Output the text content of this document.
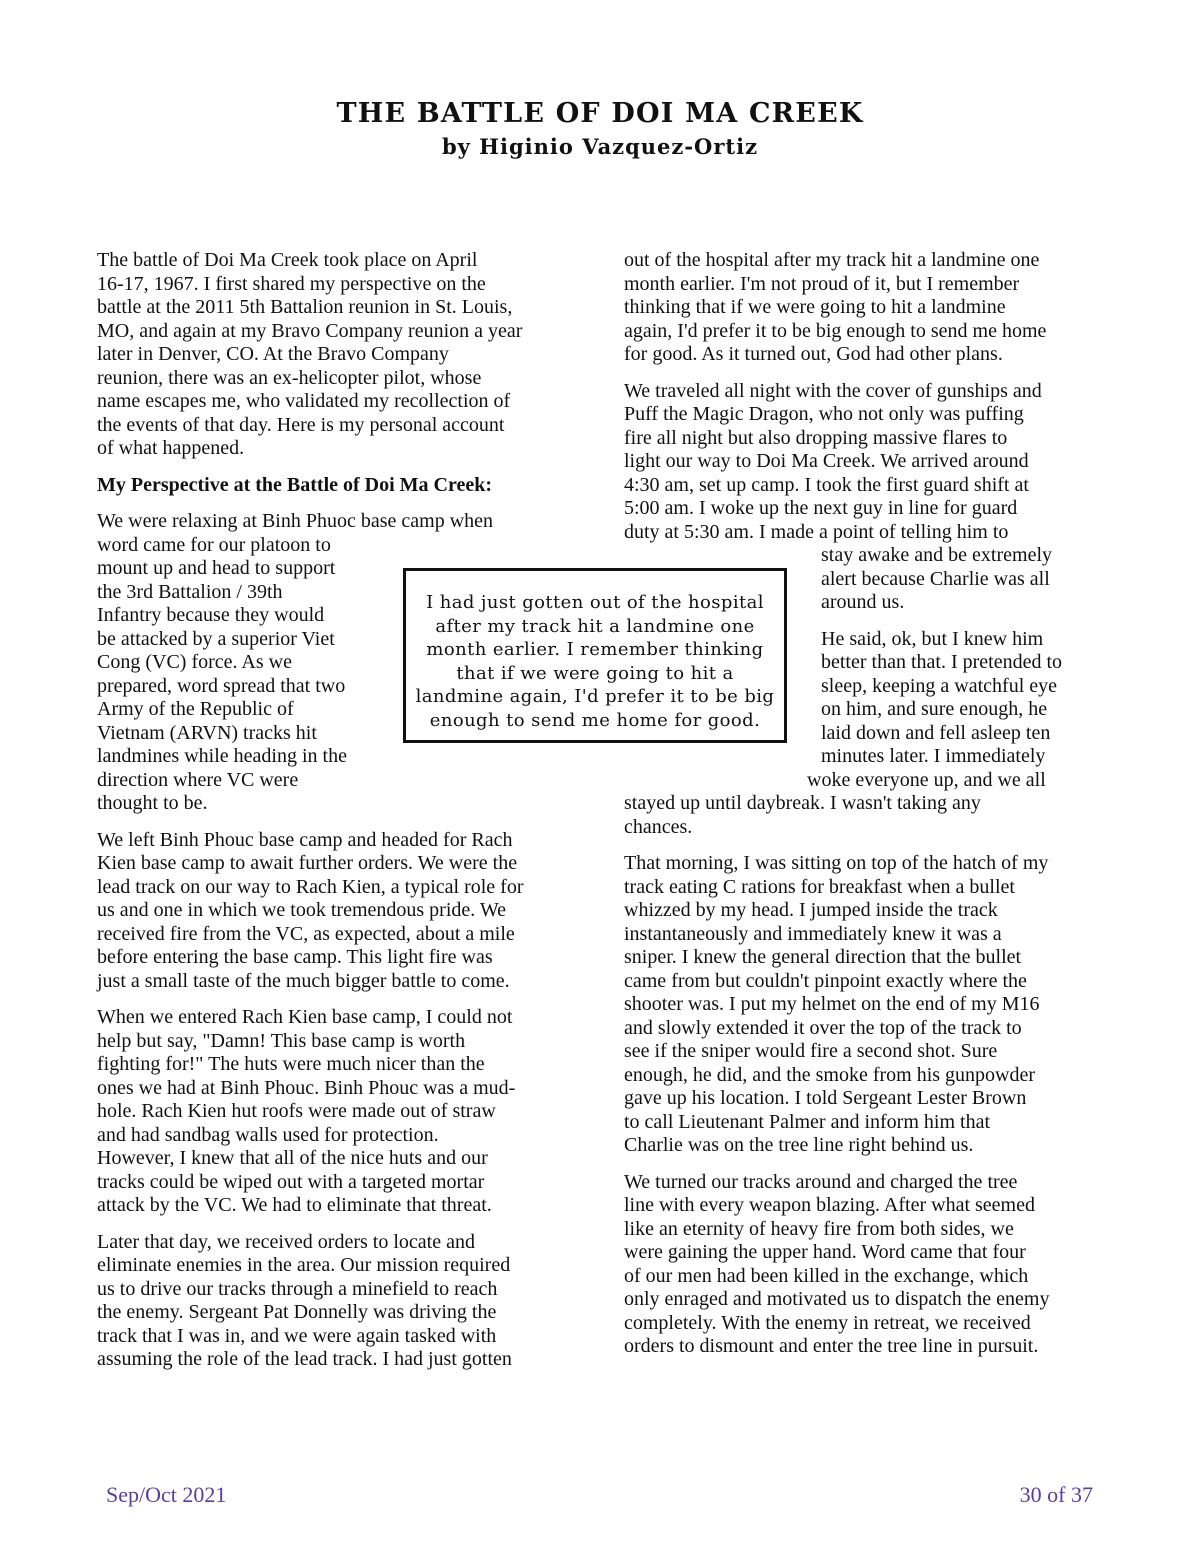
THE BATTLE OF DOI MA CREEK

by Higinio Vazquez-Ortiz

The battle of Doi Ma Creek took place on April
16-17, 1967. I first shared my perspective on the
battle at the 2011 5th Battalion reunion in St. Louis,
MO, and again at my Bravo Company reunion a year
later in Denver, CO. At the Bravo Company
reunion, there was an ex-helicopter pilot, whose
name escapes me, who validated my recollection of
the events of that day. Here is my personal account
of what happened.

My Perspective at the Battle of Doi Ma Creek:

We were relaxing at Binh Phuoc base camp when
word came for our platoon to
mount up and head to support
the 3rd Battalion / 39th
Infantry because they would
be attacked by a superior Viet
Cong (VC) force. As we
prepared, word spread that two
Army of the Republic of
Vietnam (ARVN) tracks hit
landmines while heading in the
direction where VC were
thought to be.

We left Binh Phouc base camp and headed for Rach
Kien base camp to await further orders. We were the
lead track on our way to Rach Kien, a typical role for
us and one in which we took tremendous pride. We
received fire from the VC, as expected, about a mile
before entering the base camp. This light fire was
just a small taste of the much bigger battle to come.

When we entered Rach Kien base camp, I could not
help but say, "Damn! This base camp is worth
fighting for!" The huts were much nicer than the
ones we had at Binh Phouc. Binh Phouc was a mud-
hole. Rach Kien hut roofs were made out of straw
and had sandbag walls used for protection.
However, I knew that all of the nice huts and our
tracks could be wiped out with a targeted mortar
attack by the VC. We had to eliminate that threat.

Later that day, we received orders to locate and
eliminate enemies in the area. Our mission required
us to drive our tracks through a minefield to reach
the enemy. Sergeant Pat Donnelly was driving the
track that I was in, and we were again tasked with
assuming the role of the lead track. I had just gotten

out of the hospital after my track hit a landmine one
month earlier. I'm not proud of it, but I remember
thinking that if we were going to hit a landmine
again, I'd prefer it to be big enough to send me home
for good. As it turned out, God had other plans.

We traveled all night with the cover of gunships and
Puff the Magic Dragon, who not only was puffing
fire all night but also dropping massive flares to
light our way to Doi Ma Creek. We arrived around
4:30 am, set up camp. I took the first guard shift at
5:00 am. I woke up the next guy in line for guard
duty at 5:30 am. I made a point of telling him to
stay awake and be extremely
alert because Charlie was all
around us.

He said, ok, but I knew him
better than that. I pretended to
sleep, keeping a watchful eye
on him, and sure enough, he
laid down and fell asleep ten
minutes later. I immediately
woke everyone up, and we all
stayed up until daybreak. I wasn't taking any
chances.

That morning, I was sitting on top of the hatch of my
track eating C rations for breakfast when a bullet
whizzed by my head. I jumped inside the track
instantaneously and immediately knew it was a
sniper. I knew the general direction that the bullet
came from but couldn't pinpoint exactly where the
shooter was. I put my helmet on the end of my M16
and slowly extended it over the top of the track to
see if the sniper would fire a second shot. Sure
enough, he did, and the smoke from his gunpowder
gave up his location. I told Sergeant Lester Brown
to call Lieutenant Palmer and inform him that
Charlie was on the tree line right behind us.

We turned our tracks around and charged the tree
line with every weapon blazing. After what seemed
like an eternity of heavy fire from both sides, we
were gaining the upper hand. Word came that four
of our men had been killed in the exchange, which
only enraged and motivated us to dispatch the enemy
completely. With the enemy in retreat, we received
orders to dismount and enter the tree line in pursuit.

I had just gotten out of the hospital
after my track hit a landmine one
month earlier. I remember thinking
that if we were going to hit a
landmine again, I'd prefer it to be big
enough to send me home for good.
Sep/Oct 2021	30 of 37
